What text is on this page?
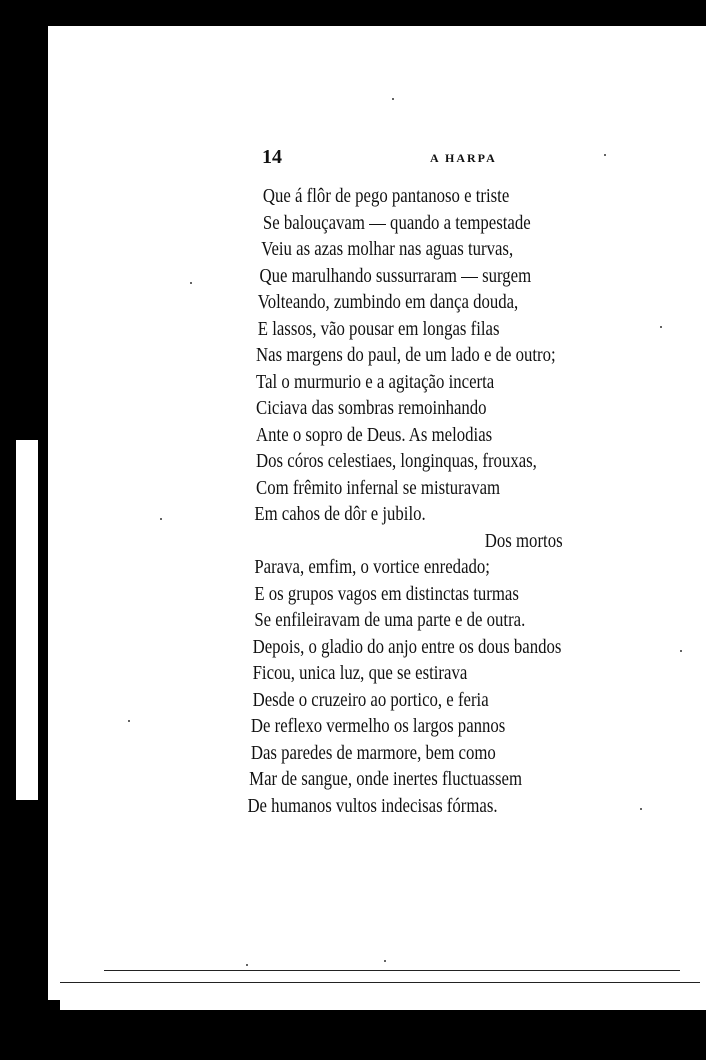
14	A HARPA
Que á flôr de pego pantanoso e triste
Se balouçavam — quando a tempestade
Veiu as azas molhar nas aguas turvas,
Que marulhando sussurraram — surgem
Volteando, zumbindo em dança douda,
E lassos, vão pousar em longas filas
Nas margens do paul, de um lado e de outro;
Tal o murmurio e a agitação incerta
Ciciava das sombras remoinhando
Ante o sopro de Deus. As melodias
Dos córos celestiaes, longinquas, frouxas,
Com frêmito infernal se misturavam
Em cahos de dôr e jubilo.
Dos mortos
Parava, emfim, o vortice enredado;
E os grupos vagos em distinctas turmas
Se enfileiravam de uma parte e de outra.
Depois, o gladio do anjo entre os dous bandos
Ficou, unica luz, que se estirava
Desde o cruzeiro ao portico, e feria
De reflexo vermelho os largos pannos
Das paredes de marmore, bem como
Mar de sangue, onde inertes fluctuassem
De humanos vultos indecisas fórmas.
